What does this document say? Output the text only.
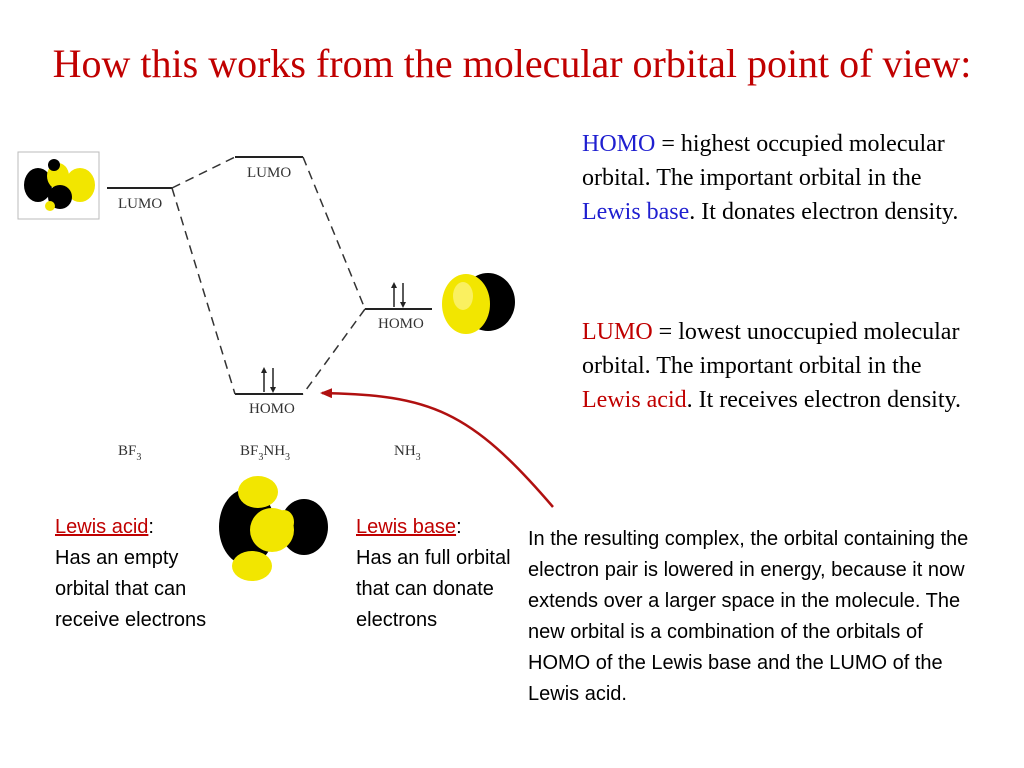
How this works from the molecular orbital point of view:
LUMO
LUMO
HOMO
HOMO
$BF_3$	$BF_3NH_3$	$NH_3$
HOMO = highest occupied molecular orbital. The important orbital in the Lewis base. It donates electron density.
LUMO = lowest unoccupied molecular orbital. The important orbital in the Lewis acid. It receives electron density.
Lewis acid:
Has an empty orbital that can receive electrons
Lewis base:
Has an full orbital that can donate electrons
In the resulting complex, the orbital containing the electron pair is lowered in energy, because it now extends over a larger space in the molecule. The new orbital is a combination of the orbitals of HOMO of the Lewis base and the LUMO of the Lewis acid.
